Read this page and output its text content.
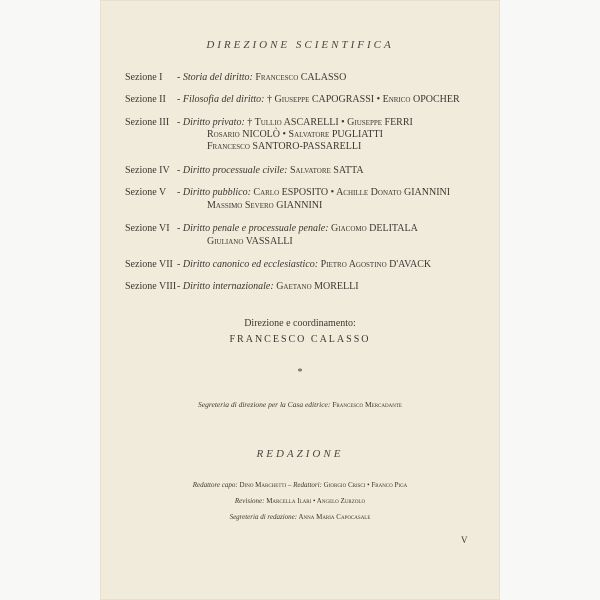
DIREZIONE SCIENTIFICA
Sezione I - Storia del diritto: Francesco CALASSO
Sezione II - Filosofia del diritto: † Giuseppe CAPOGRASSI • Enrico OPOCHER
Sezione III - Diritto privato: † Tullio ASCARELLI • Giuseppe FERRI
Rosario NICOLÒ • Salvatore PUGLIATTI
Francesco SANTORO-PASSARELLI
Sezione IV - Diritto processuale civile: Salvatore SATTA
Sezione V - Diritto pubblico: Carlo ESPOSITO • Achille Donato GIANNINI
Massimo Severo GIANNINI
Sezione VI - Diritto penale e processuale penale: Giacomo DELITALA
Giuliano VASSALLI
Sezione VII - Diritto canonico ed ecclesiastico: Pietro Agostino D'AVACK
Sezione VIII - Diritto internazionale: Gaetano MORELLI
Direzione e coordinamento:
FRANCESCO CALASSO
*
Segreteria di direzione per la Casa editrice: Francesco Mercadante
REDAZIONE
Redattore capo: Dino Marchetti – Redattori: Giorgio Crisci • Franco Piga
Revisione: Marcella Ilari • Angelo Zurzolo
Segreteria di redazione: Anna Maria Capocasale
V
